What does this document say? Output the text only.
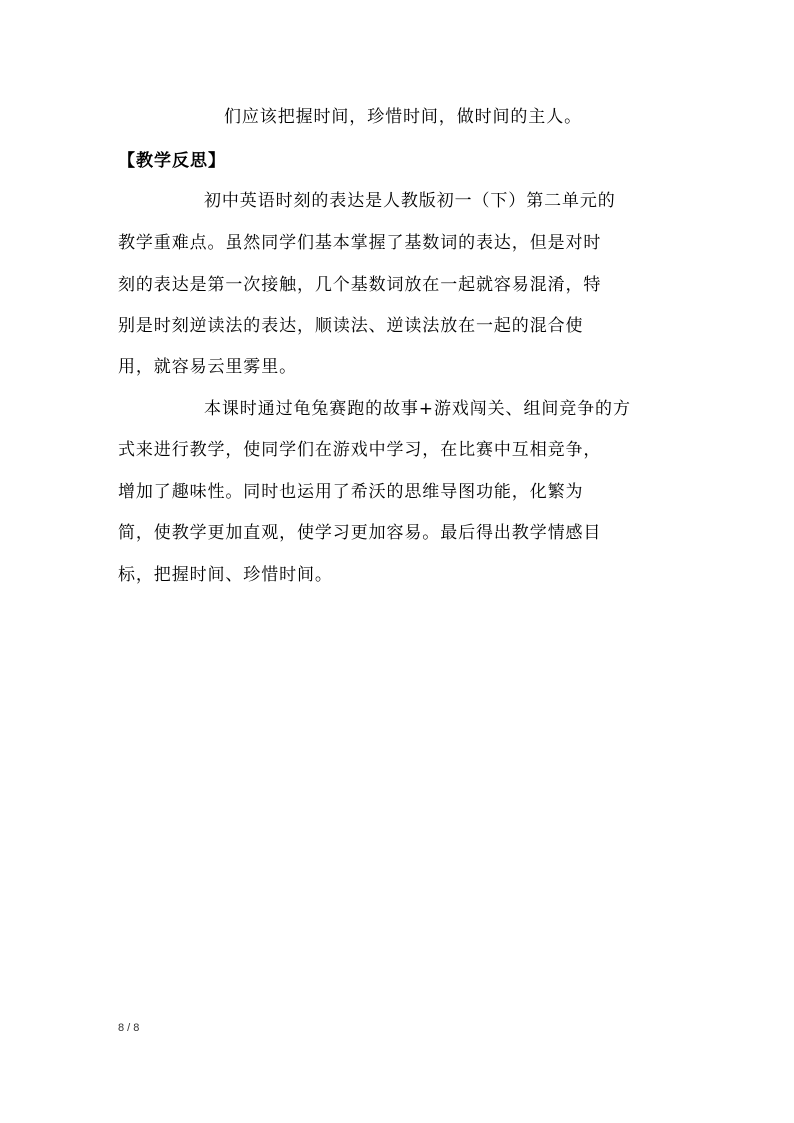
们应该把握时间，珍惜时间，做时间的主人。
【教学反思】
初中英语时刻的表达是人教版初一（下）第二单元的
教学重难点。虽然同学们基本掌握了基数词的表达，但是对时
刻的表达是第一次接触，几个基数词放在一起就容易混淆，特
别是时刻逆读法的表达，顺读法、逆读法放在一起的混合使
用，就容易云里雾里。
本课时通过龟兔赛跑的故事+游戏闯关、组间竞争的方
式来进行教学，使同学们在游戏中学习，在比赛中互相竞争，
增加了趣味性。同时也运用了希沃的思维导图功能，化繁为
简，使教学更加直观，使学习更加容易。最后得出教学情感目
标，把握时间、珍惜时间。
8 / 8
